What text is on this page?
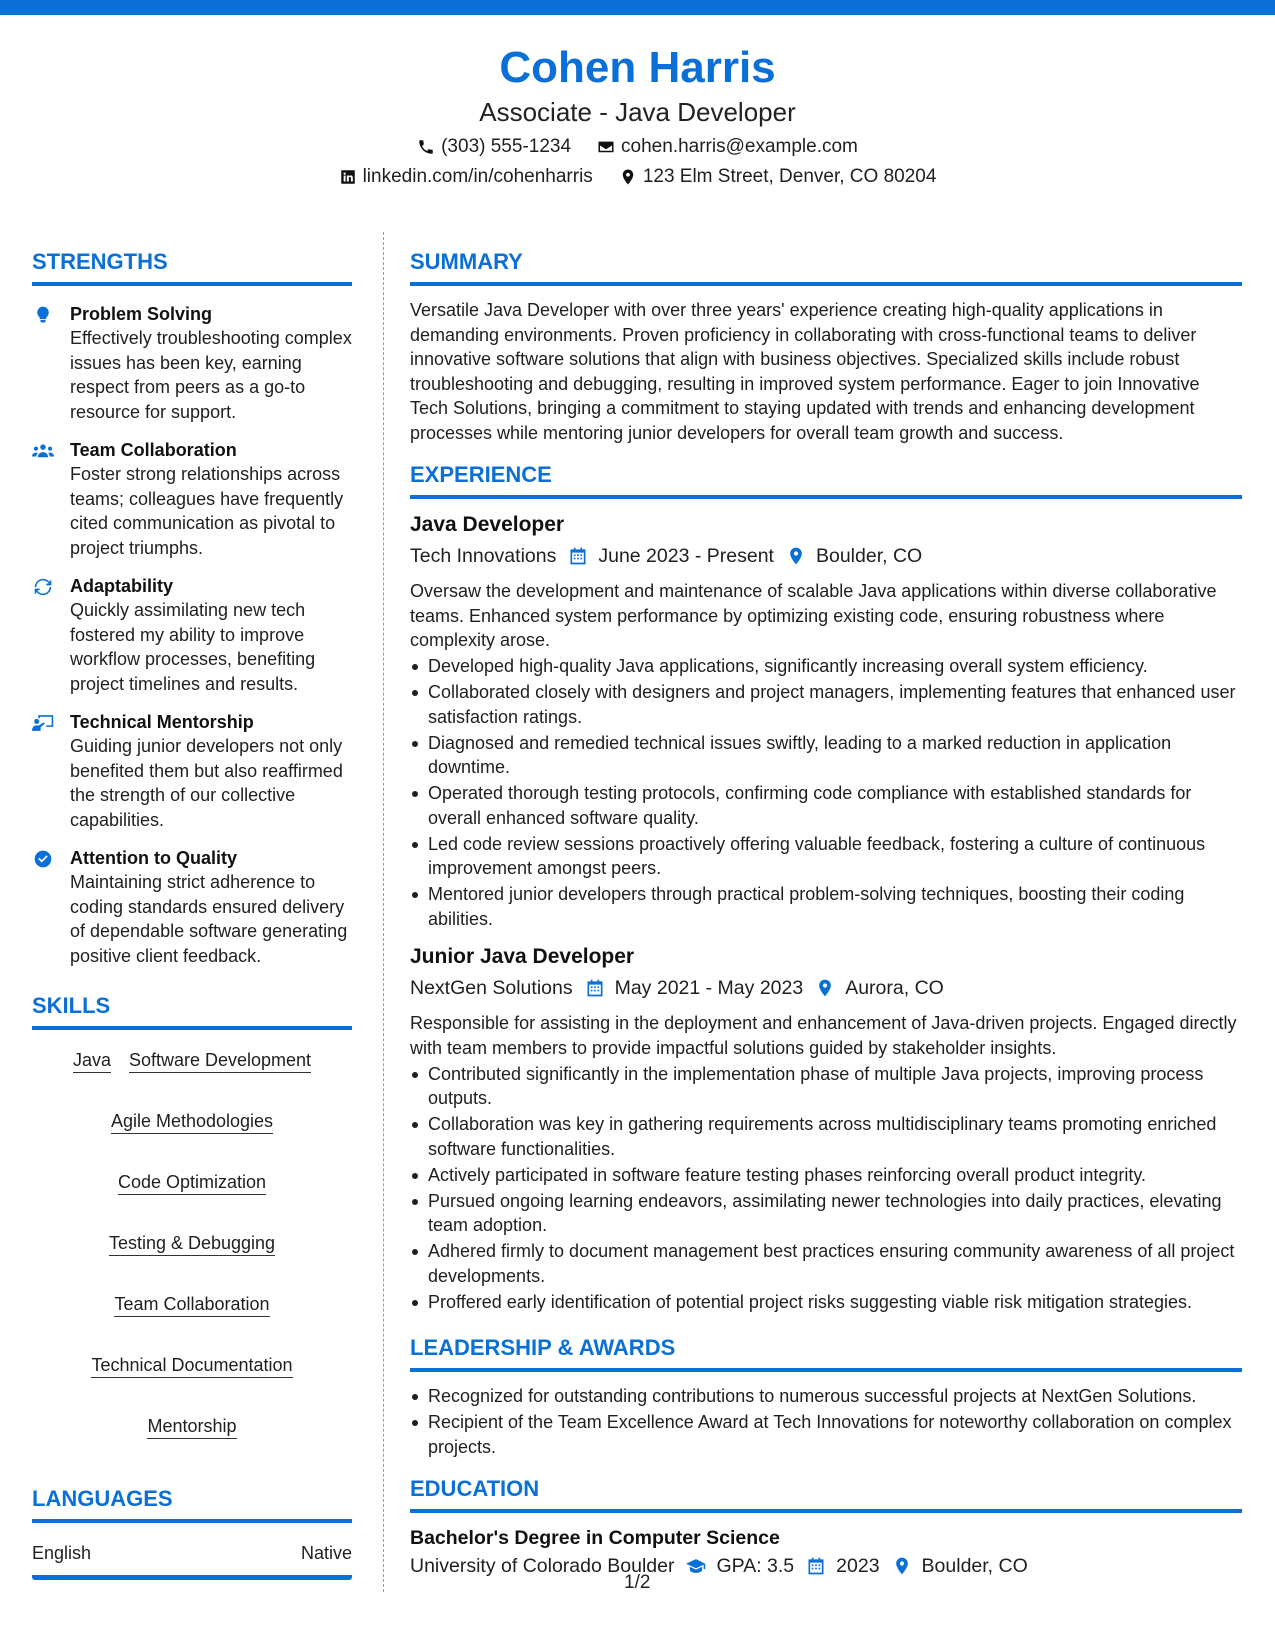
Cohen Harris
Associate - Java Developer
(303) 555-1234	cohen.harris@example.com
linkedin.com/in/cohenharris	123 Elm Street, Denver, CO 80204
STRENGTHS
Problem Solving
Effectively troubleshooting complex issues has been key, earning respect from peers as a go-to resource for support.
Team Collaboration
Foster strong relationships across teams; colleagues have frequently cited communication as pivotal to project triumphs.
Adaptability
Quickly assimilating new tech fostered my ability to improve workflow processes, benefiting project timelines and results.
Technical Mentorship
Guiding junior developers not only benefited them but also reaffirmed the strength of our collective capabilities.
Attention to Quality
Maintaining strict adherence to coding standards ensured delivery of dependable software generating positive client feedback.
SKILLS
Java Software Development
Agile Methodologies
Code Optimization
Testing & Debugging
Team Collaboration
Technical Documentation
Mentorship
LANGUAGES
English	Native
SUMMARY

Versatile Java Developer with over three years' experience creating high-quality applications in demanding environments. Proven proficiency in collaborating with cross-functional teams to deliver innovative software solutions that align with business objectives. Specialized skills include robust troubleshooting and debugging, resulting in improved system performance. Eager to join Innovative Tech Solutions, bringing a commitment to staying updated with trends and enhancing development processes while mentoring junior developers for overall team growth and success.

EXPERIENCE
Java Developer
Tech Innovations June 2023 - Present Boulder, CO

Oversaw the development and maintenance of scalable Java applications within diverse collaborative teams. Enhanced system performance by optimizing existing code, ensuring robustness where complexity arose.

Developed high-quality Java applications, significantly increasing overall system efficiency.
Collaborated closely with designers and project managers, implementing features that enhanced user satisfaction ratings.
Diagnosed and remedied technical issues swiftly, leading to a marked reduction in application downtime.
Operated thorough testing protocols, confirming code compliance with established standards for overall enhanced software quality.
Led code review sessions proactively offering valuable feedback, fostering a culture of continuous improvement amongst peers.
Mentored junior developers through practical problem-solving techniques, boosting their coding abilities.
Junior Java Developer
NextGen Solutions May 2021 - May 2023 Aurora, CO

Responsible for assisting in the deployment and enhancement of Java-driven projects. Engaged directly with team members to provide impactful solutions guided by stakeholder insights.

Contributed significantly in the implementation phase of multiple Java projects, improving process outputs.
Collaboration was key in gathering requirements across multidisciplinary teams promoting enriched software functionalities.
Actively participated in software feature testing phases reinforcing overall product integrity.
Pursued ongoing learning endeavors, assimilating newer technologies into daily practices, elevating team adoption.
Adhered firmly to document management best practices ensuring community awareness of all project developments.
Proffered early identification of potential project risks suggesting viable risk mitigation strategies.
LEADERSHIP & AWARDS
Recognized for outstanding contributions to numerous successful projects at NextGen Solutions.
Recipient of the Team Excellence Award at Tech Innovations for noteworthy collaboration on complex projects.
EDUCATION
Bachelor's Degree in Computer Science
University of Colorado Boulder GPA: 3.5 2023 Boulder, CO
1/2
